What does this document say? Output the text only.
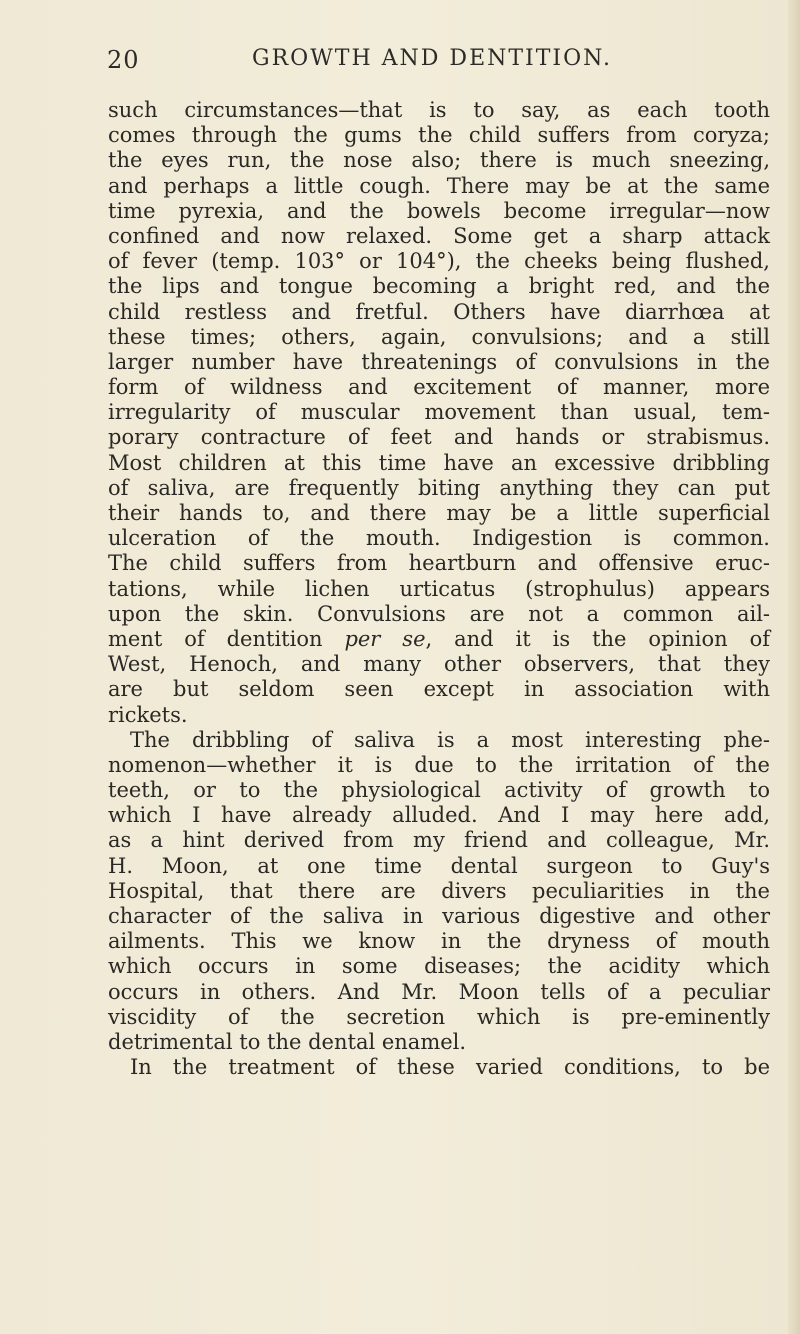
20	GROWTH AND DENTITION.
such circumstances—that is to say, as each tooth
comes through the gums the child suffers from coryza;
the eyes run, the nose also; there is much sneezing,
and perhaps a little cough. There may be at the same
time pyrexia, and the bowels become irregular—now
confined and now relaxed. Some get a sharp attack
of fever (temp. 103° or 104°), the cheeks being flushed,
the lips and tongue becoming a bright red, and the
child restless and fretful. Others have diarrhœa at
these times; others, again, convulsions; and a still
larger number have threatenings of convulsions in the
form of wildness and excitement of manner, more
irregularity of muscular movement than usual, tem-
porary contracture of feet and hands or strabismus.
Most children at this time have an excessive dribbling
of saliva, are frequently biting anything they can put
their hands to, and there may be a little superficial
ulceration of the mouth. Indigestion is common.
The child suffers from heartburn and offensive eruc-
tations, while lichen urticatus (strophulus) appears
upon the skin. Convulsions are not a common ail-
ment of dentition per se, and it is the opinion of
West, Henoch, and many other observers, that they
are but seldom seen except in association with
rickets.
The dribbling of saliva is a most interesting phe-
nomenon—whether it is due to the irritation of the
teeth, or to the physiological activity of growth to
which I have already alluded. And I may here add,
as a hint derived from my friend and colleague, Mr.
H. Moon, at one time dental surgeon to Guy's
Hospital, that there are divers peculiarities in the
character of the saliva in various digestive and other
ailments. This we know in the dryness of mouth
which occurs in some diseases; the acidity which
occurs in others. And Mr. Moon tells of a peculiar
viscidity of the secretion which is pre-eminently
detrimental to the dental enamel.
In the treatment of these varied conditions, to be
